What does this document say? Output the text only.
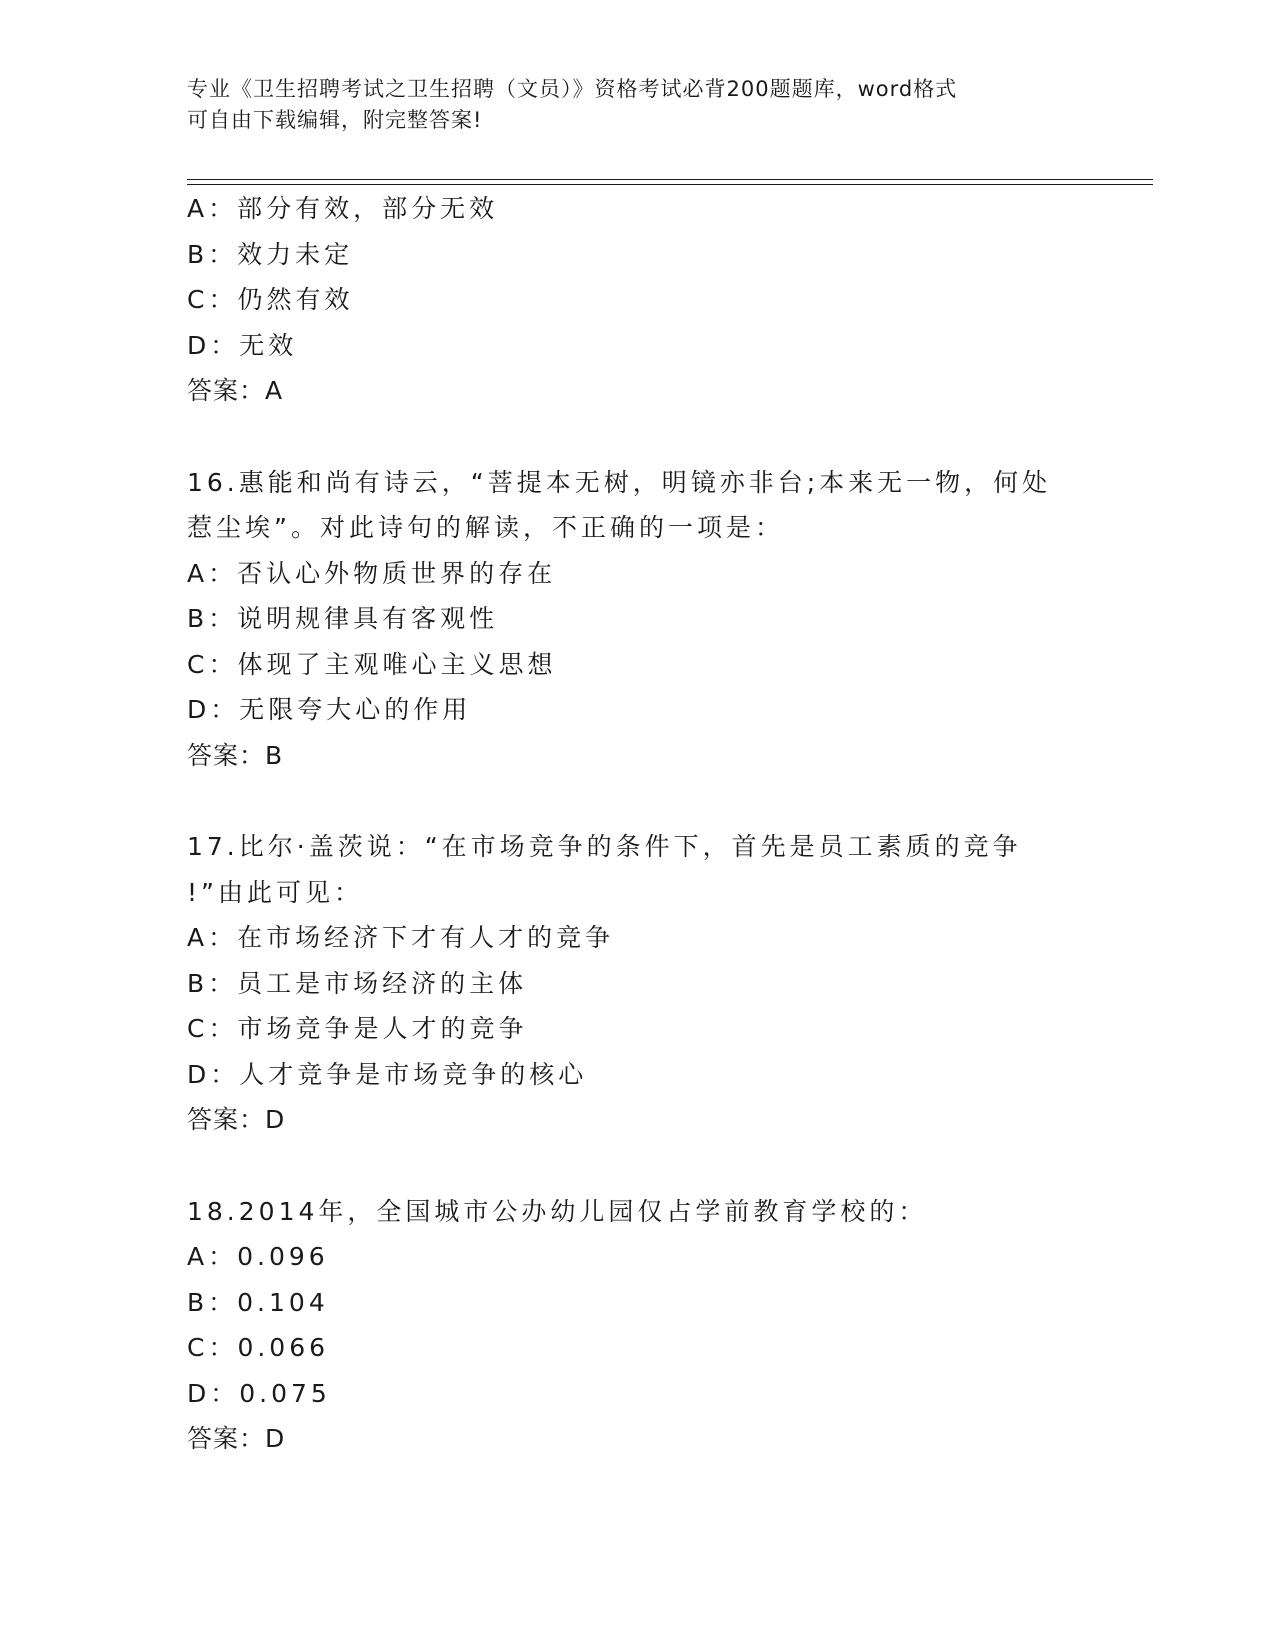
专业《卫生招聘考试之卫生招聘（文员）》资格考试必背200题题库，word格式
可自由下载编辑，附完整答案!
A：部分有效，部分无效
B：效力未定
C：仍然有效
D：无效
答案：A
16.惠能和尚有诗云，“菩提本无树，明镜亦非台;本来无一物，何处
惹尘埃”。对此诗句的解读，不正确的一项是：
A：否认心外物质世界的存在
B：说明规律具有客观性
C：体现了主观唯心主义思想
D：无限夸大心的作用
答案：B
17.比尔·盖茨说：“在市场竞争的条件下，首先是员工素质的竞争
!”由此可见：
A：在市场经济下才有人才的竞争
B：员工是市场经济的主体
C：市场竞争是人才的竞争
D：人才竞争是市场竞争的核心
答案：D
18.2014年，全国城市公办幼儿园仅占学前教育学校的：
A：0.096
B：0.104
C：0.066
D：0.075
答案：D
